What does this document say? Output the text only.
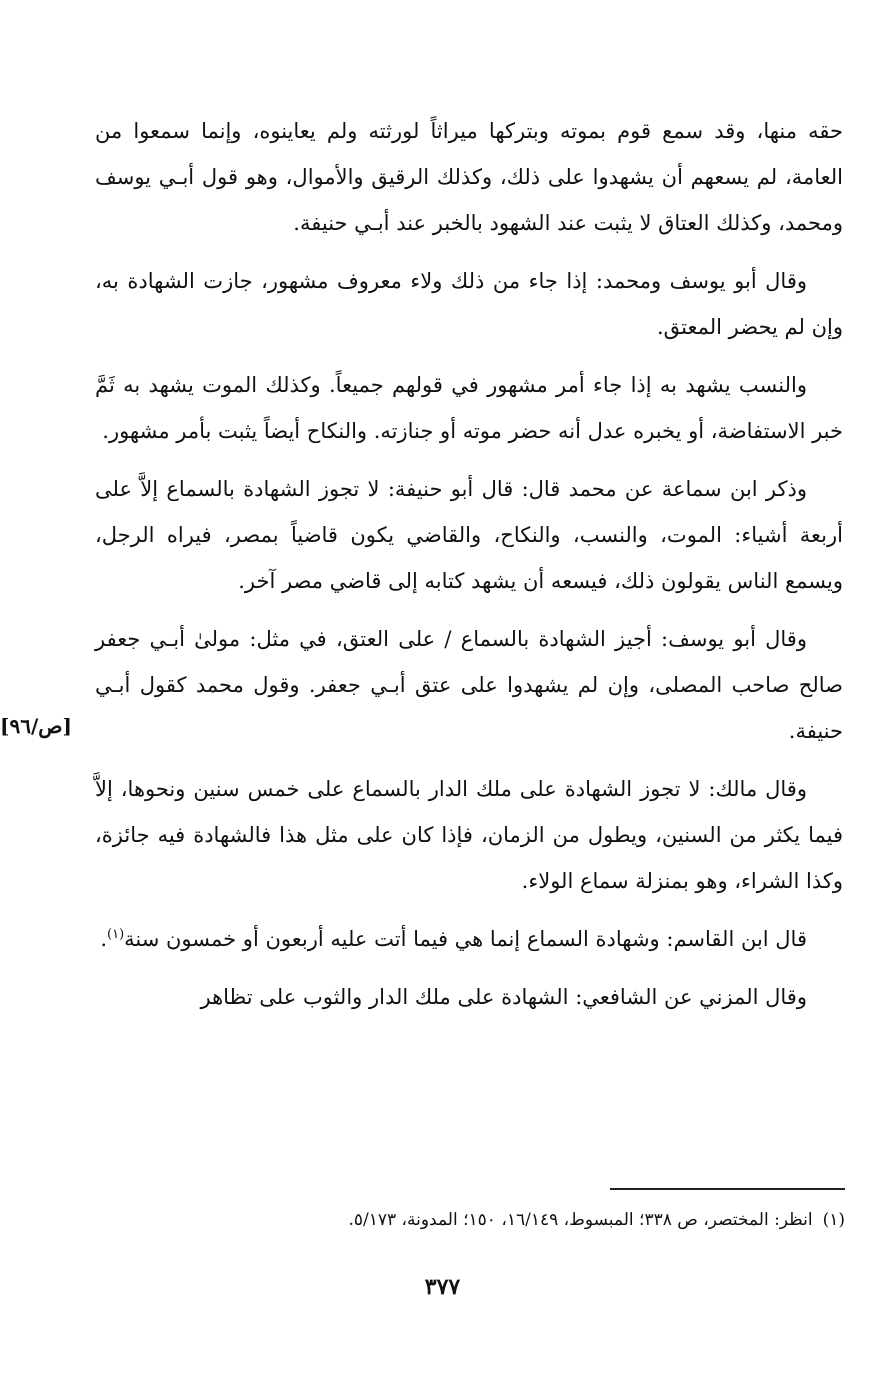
حقه منها، وقد سمع قوم بموته وبتركها ميراثاً لورثته ولم يعاينوه، وإنما سمعوا من العامة، لم يسعهم أن يشهدوا على ذلك، وكذلك الرقيق والأموال، وهو قول أبـي يوسف ومحمد، وكذلك العتاق لا يثبت عند الشهود بالخبر عند أبـي حنيفة.

وقال أبو يوسف ومحمد: إذا جاء من ذلك ولاء معروف مشهور، جازت الشهادة به، وإن لم يحضر المعتق.

والنسب يشهد به إذا جاء أمر مشهور في قولهم جميعاً. وكذلك الموت يشهد به ثَمَّ خبر الاستفاضة، أو يخبره عدل أنه حضر موته أو جنازته. والنكاح أيضاً يثبت بأمر مشهور.

وذكر ابن سماعة عن محمد قال: قال أبو حنيفة: لا تجوز الشهادة بالسماع إلاَّ على أربعة أشياء: الموت، والنسب، والنكاح، والقاضي يكون قاضياً بمصر، فيراه الرجل، ويسمع الناس يقولون ذلك، فيسعه أن يشهد كتابه إلى قاضي مصر آخر.

وقال أبو يوسف: أجيز الشهادة بالسماع / على العتق، في مثل: مولىٰ أبـي جعفر صالح صاحب المصلى، وإن لم يشهدوا على عتق أبـي جعفر. وقول محمد كقول أبـي حنيفة.

وقال مالك: لا تجوز الشهادة على ملك الدار بالسماع على خمس سنين ونحوها، إلاَّ فيما يكثر من السنين، ويطول من الزمان، فإذا كان على مثل هذا فالشهادة فيه جائزة، وكذا الشراء، وهو بمنزلة سماع الولاء.

قال ابن القاسم: وشهادة السماع إنما هي فيما أتت عليه أربعون أو خمسون سنة$^{(١)}$.

وقال المزني عن الشافعي: الشهادة على ملك الدار والثوب على تظاهر

[ص/٩٦]
(١)انظر: المختصر، ص ٣٣٨؛ المبسوط، ١٦/١٤٩، ١٥٠؛ المدونة، ٥/١٧٣.
٣٧٧
